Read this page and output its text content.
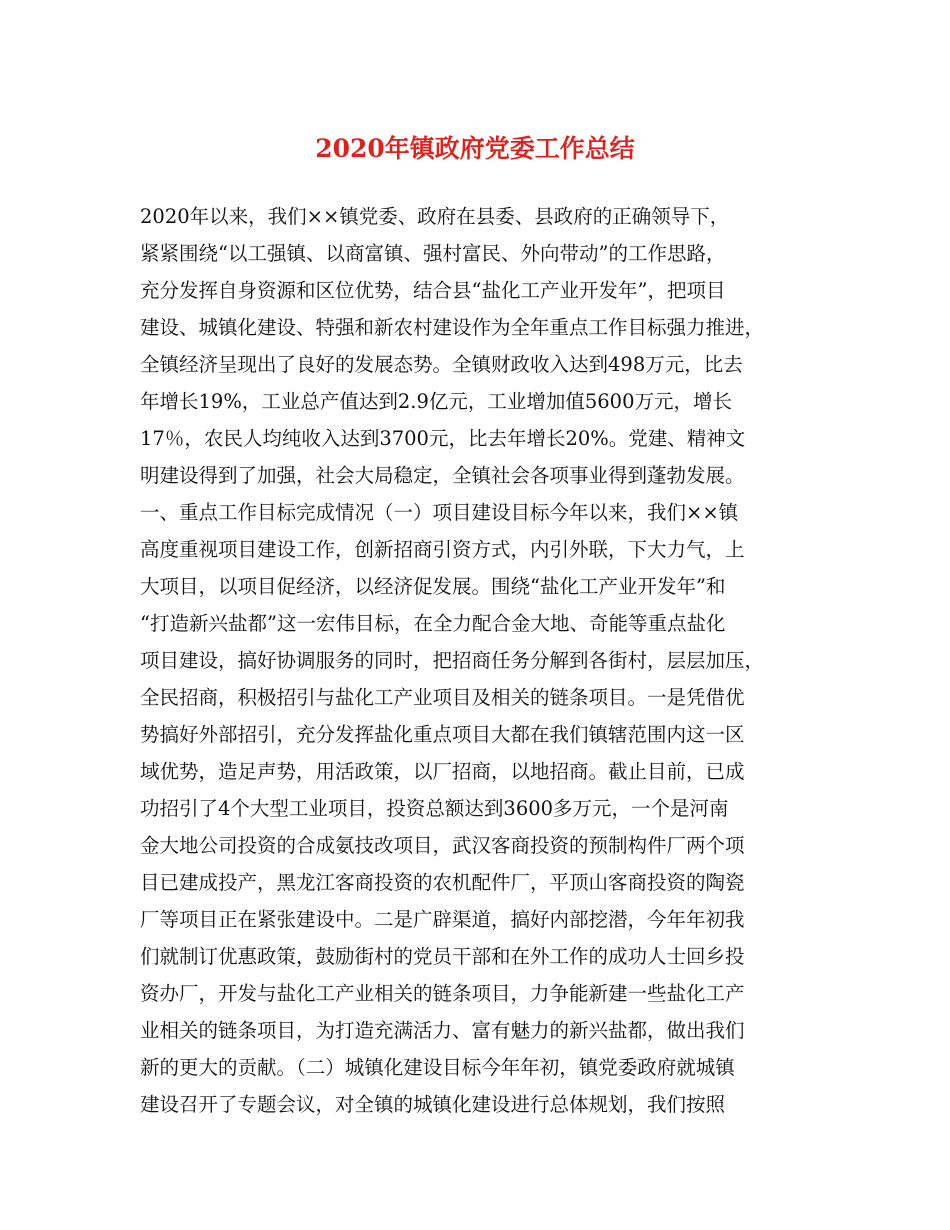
2020年镇政府党委工作总结
2020年以来，我们××镇党委、政府在县委、县政府的正确领导下，
紧紧围绕“以工强镇、以商富镇、强村富民、外向带动”的工作思路，
充分发挥自身资源和区位优势，结合县“盐化工产业开发年”，把项目
建设、城镇化建设、特强和新农村建设作为全年重点工作目标强力推进，
全镇经济呈现出了良好的发展态势。全镇财政收入达到498万元，比去
年增长19%，工业总产值达到2.9亿元，工业增加值5600万元，增长
17％，农民人均纯收入达到3700元，比去年增长20%。党建、精神文
明建设得到了加强，社会大局稳定，全镇社会各项事业得到蓬勃发展。
一、重点工作目标完成情况（一）项目建设目标今年以来，我们××镇
高度重视项目建设工作，创新招商引资方式，内引外联，下大力气，上
大项目，以项目促经济，以经济促发展。围绕“盐化工产业开发年”和
“打造新兴盐都”这一宏伟目标，在全力配合金大地、奇能等重点盐化
项目建设，搞好协调服务的同时，把招商任务分解到各街村，层层加压，
全民招商，积极招引与盐化工产业项目及相关的链条项目。一是凭借优
势搞好外部招引，充分发挥盐化重点项目大都在我们镇辖范围内这一区
域优势，造足声势，用活政策，以厂招商，以地招商。截止目前，已成
功招引了4个大型工业项目，投资总额达到3600多万元，一个是河南
金大地公司投资的合成氨技改项目，武汉客商投资的预制构件厂两个项
目已建成投产，黑龙江客商投资的农机配件厂，平顶山客商投资的陶瓷
厂等项目正在紧张建设中。二是广辟渠道，搞好内部挖潜，今年年初我
们就制订优惠政策，鼓励街村的党员干部和在外工作的成功人士回乡投
资办厂，开发与盐化工产业相关的链条项目，力争能新建一些盐化工产
业相关的链条项目，为打造充满活力、富有魅力的新兴盐都，做出我们
新的更大的贡献。（二）城镇化建设目标今年年初，镇党委政府就城镇
建设召开了专题会议，对全镇的城镇化建设进行总体规划，我们按照
